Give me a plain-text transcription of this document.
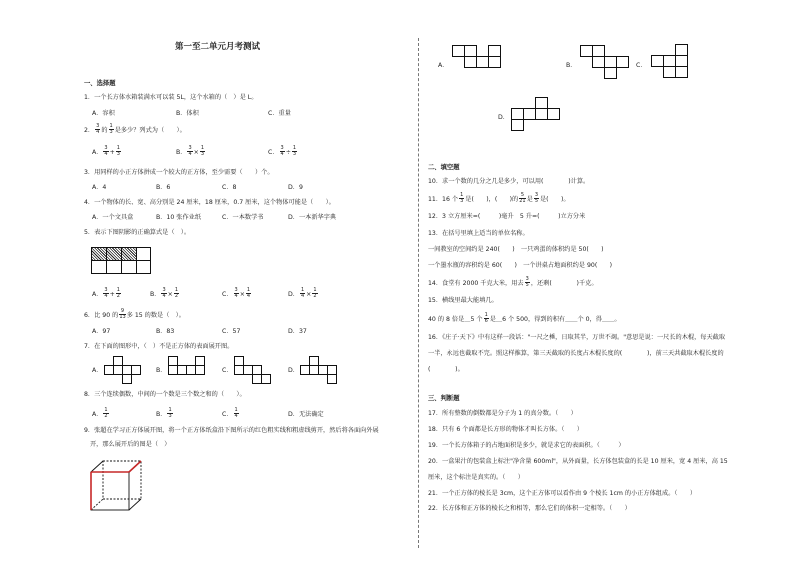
第一至二单元月考测试
一、选择题
1．一个长方体水箱装满水可以装 5L，这个水箱的（　）是 L。
A．容积	B．体积	C．重量
2． $\frac{3}{4}$ 的 $\frac{1}{3}$ 是多少？列式为（　　）。
A． $\frac{3}{4} + \frac{1}{3}$	B． $\frac{3}{4} \times \frac{1}{3}$	C． $\frac{3}{4} \div \frac{1}{3}$
3．用同样的小正方体拼成一个较大的正方体，至少需要（　　）个。
A．4	B．6	C．8	D．9
4．一个物体的长、宽、高分别是 24 厘米，18 厘米，0.7 厘米，这个物体可能是（　　）。
A．一个文具盒	B．10 张作业纸	C．一本数学书	D．一本新华字典
5．表示下图阴影的正确算式是（　）。
A． $\frac{3}{4} + \frac{1}{2}$	B． $\frac{3}{4} \times \frac{1}{2}$	C． $\frac{3}{4} \times \frac{1}{4}$	D． $\frac{1}{4} \times \frac{1}{2}$
6．比 90 的 $\frac{9}{13}$ 多 15 的数是（　）。
A．97	B．83	C．57	D．37
7．在下面的图形中，（　）不是正方体的表面展开图。
A．	B．	C．	D．
8．三个连续偶数，中间的一个数是三个数之和的（　　）。
A． $\frac{1}{2}$	B． $\frac{1}{3}$	C． $\frac{1}{4}$	D．无法确定
9．张超在学习正方体展开图，将一个正方体纸盒沿下图所示的红色粗实线和粗虚线剪开，然后将各面向外展
开，那么展开后的图是（　）
A．	B．	C．
D．
二、填空题
10．求一个数的几分之几是多少，可以用(　　　　)计算。
11．16 个 $\frac{1}{3}$ 是(　　)，(　　)的 $\frac{5}{21}$ 是 $\frac{3}{5}$ 是(　　)。
12．3 立方厘米=(　　　)毫升　5 升=(　　　)立方分米
13．在括号里填上适当的单位名称。
一间教室的空间约是 240(　　)　一只鸡蛋的体积约是 50(　　)
一个墨水瓶的容积约是 60(　　)　一个讲桌占地面积约是 90(　　)
14．食堂有 2000 千克大米，用去 $\frac{3}{5}$ ，还剩(　　　　)千克。
15．横线里最大能填几。
40 的 8 倍是＿5 个 $\frac{1}{6}$ 是＿6 个 500，得到的积有＿＿个 0，得＿＿。
16．《庄子·天下》中有这样一段话："一尺之棰，日取其半，万世不竭。"意思是说：一尺长的木棍，每天截取
一半，永远也截取不完。照这样推算，第三天截取的长度占木棍长度的(　　　　)，前三天共截取木棍长度的
(　　　　)。
三、判断题
17．所有整数的倒数都是分子为 1 的真分数。（　　）
18．只有 6 个面都是长方形的物体才叫长方体。（　　）
19．一个长方体箱子的占地面积是多少，就是求它的表面积。（　　　）
20．一盒果汁的包装盒上标注"净含量 600ml"，从外面量，长方体包装盒的长是 10 厘米，宽 4 厘米，高 15
厘米，这个标注是真实的。（　　）
21．一个正方体的棱长是 3cm，这个正方体可以看作由 9 个棱长 1cm 的小正方体组成。（　　）
22．长方体和正方体的棱长之和相等，那么它们的体积一定相等。（　　）
